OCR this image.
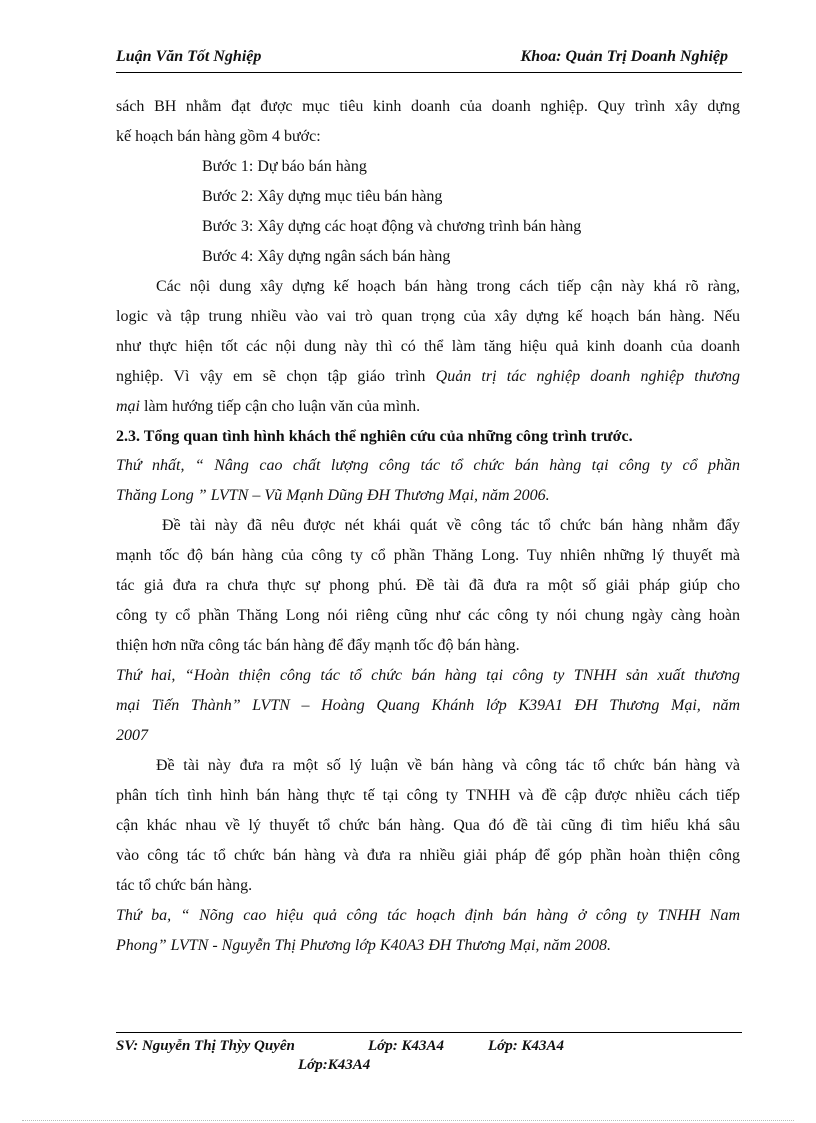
Luận Văn Tốt Nghiệp	Khoa: Quản Trị Doanh Nghiệp
sách BH nhằm đạt được mục tiêu kinh doanh của doanh nghiệp. Quy trình xây dựng
kế hoạch bán hàng gồm 4 bước:
Bước 1: Dự báo bán hàng
Bước 2: Xây dựng mục tiêu bán hàng
Bước 3: Xây dựng các hoạt động và chương trình bán hàng
Bước 4: Xây dựng ngân sách bán hàng
Các nội dung xây dựng kế hoạch bán hàng trong cách tiếp cận này khá rõ ràng,
logic và tập trung nhiều vào vai trò quan trọng của xây dựng kế hoạch bán hàng. Nếu
như thực hiện tốt các nội dung này thì có thể làm tăng hiệu quả kinh doanh của doanh
nghiệp. Vì vậy em sẽ chọn tập giáo trình Quản trị tác nghiệp doanh nghiệp thương
mại làm hướng tiếp cận cho luận văn của mình.
2.3. Tổng quan tình hình khách thể nghiên cứu của những công trình trước.
Thứ nhất, “ Nâng cao chất lượng công tác tổ chức bán hàng tại công ty cổ phần
Thăng Long ” LVTN – Vũ Mạnh Dũng ĐH Thương Mại, năm 2006.
Đề tài này đã nêu được nét khái quát về công tác tổ chức bán hàng nhằm đẩy
mạnh tốc độ bán hàng của công ty cổ phần Thăng Long. Tuy nhiên những lý thuyết mà
tác giả đưa ra chưa thực sự phong phú. Đề tài đã đưa ra một số giải pháp giúp cho
công ty cổ phần Thăng Long nói riêng cũng như các công ty nói chung ngày càng hoàn
thiện hơn nữa công tác bán hàng để đẩy mạnh tốc độ bán hàng.
Thứ hai, “Hoàn thiện công tác tổ chức bán hàng tại công ty TNHH sản xuất thương
mại Tiến Thành” LVTN – Hoàng Quang Khánh lớp K39A1 ĐH Thương Mại, năm
2007
Đề tài này đưa ra một số lý luận về bán hàng và công tác tổ chức bán hàng và
phân tích tình hình bán hàng thực tế tại công ty TNHH và đề cập được nhiều cách tiếp
cận khác nhau về lý thuyết tổ chức bán hàng. Qua đó đề tài cũng đi tìm hiểu khá sâu
vào công tác tổ chức bán hàng và đưa ra nhiều giải pháp để góp phần hoàn thiện công
tác tổ chức bán hàng.
Thứ ba, “ Nõng cao hiệu quả công tác hoạch định bán hàng ở công ty TNHH Nam
Phong” LVTN - Nguyễn Thị Phương lớp K40A3 ĐH Thương Mại, năm 2008.
SV: Nguyễn Thị Thỳy Quyên	Lớp: K43A4	Lớp: K43A4
Lớp:K43A4
